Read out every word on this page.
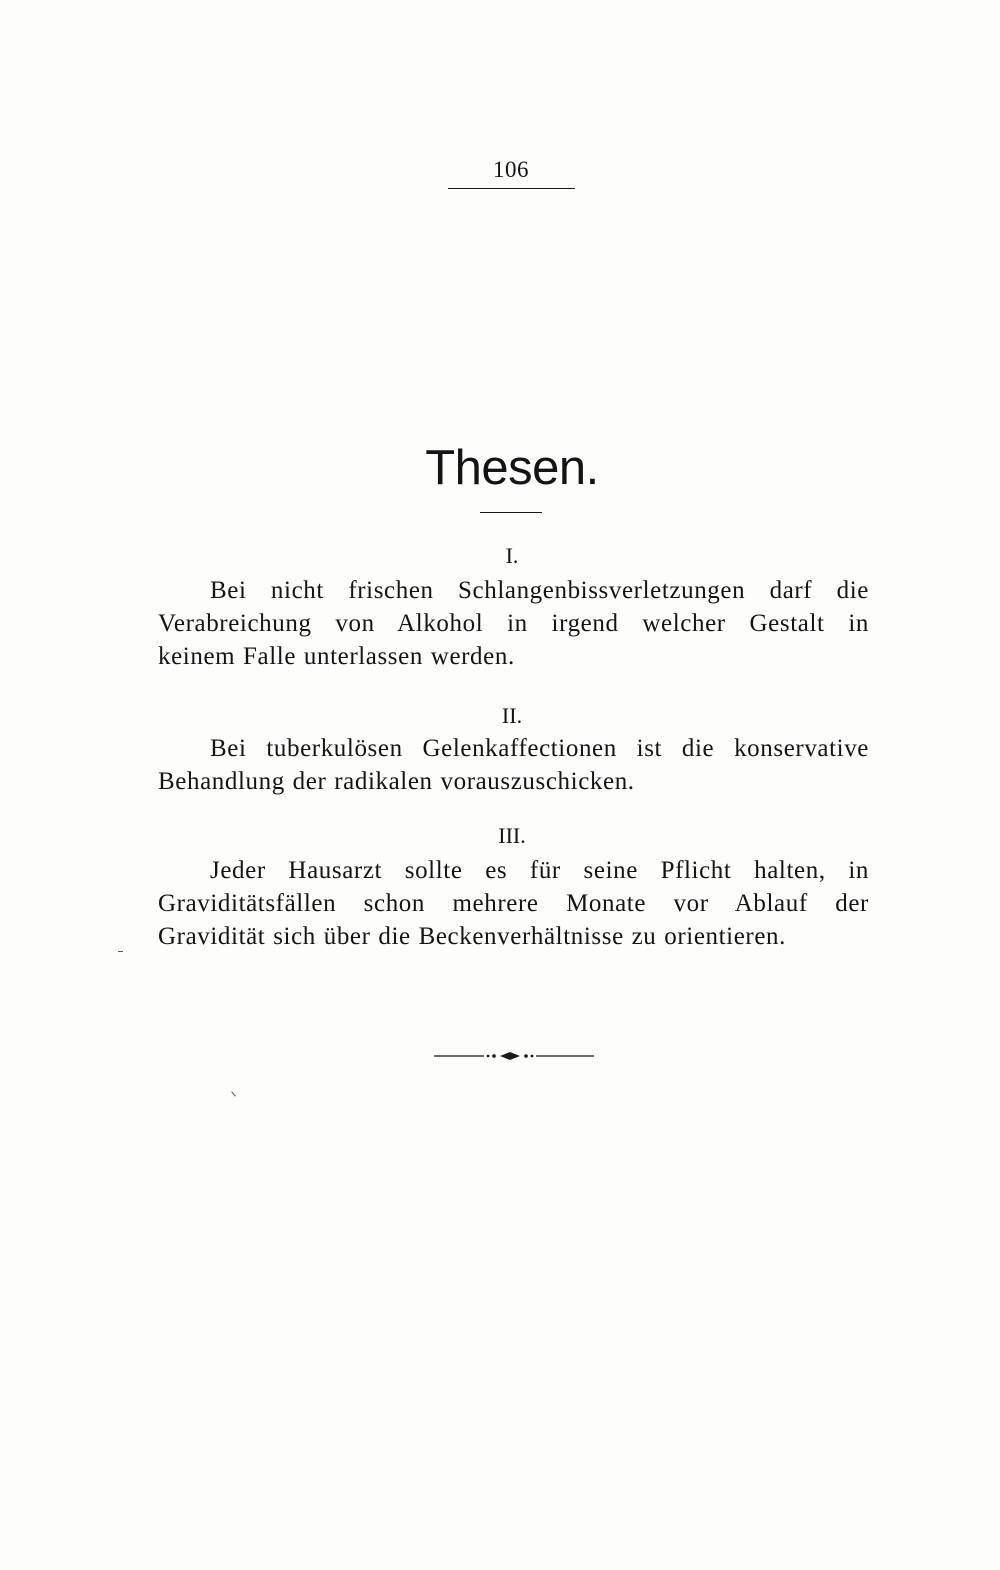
106
Thesen.
I.
Bei nicht frischen Schlangenbissverletzungen darf die
Verabreichung von Alkohol in irgend welcher Gestalt in
keinem Falle unterlassen werden.
II.
Bei tuberkulösen Gelenkaffectionen ist die konservative
Behandlung der radikalen vorauszuschicken.
III.
Jeder Hausarzt sollte es für seine Pflicht halten, in
Graviditätsfällen schon mehrere Monate vor Ablauf der
Gravidität sich über die Beckenverhältnisse zu orientieren.
